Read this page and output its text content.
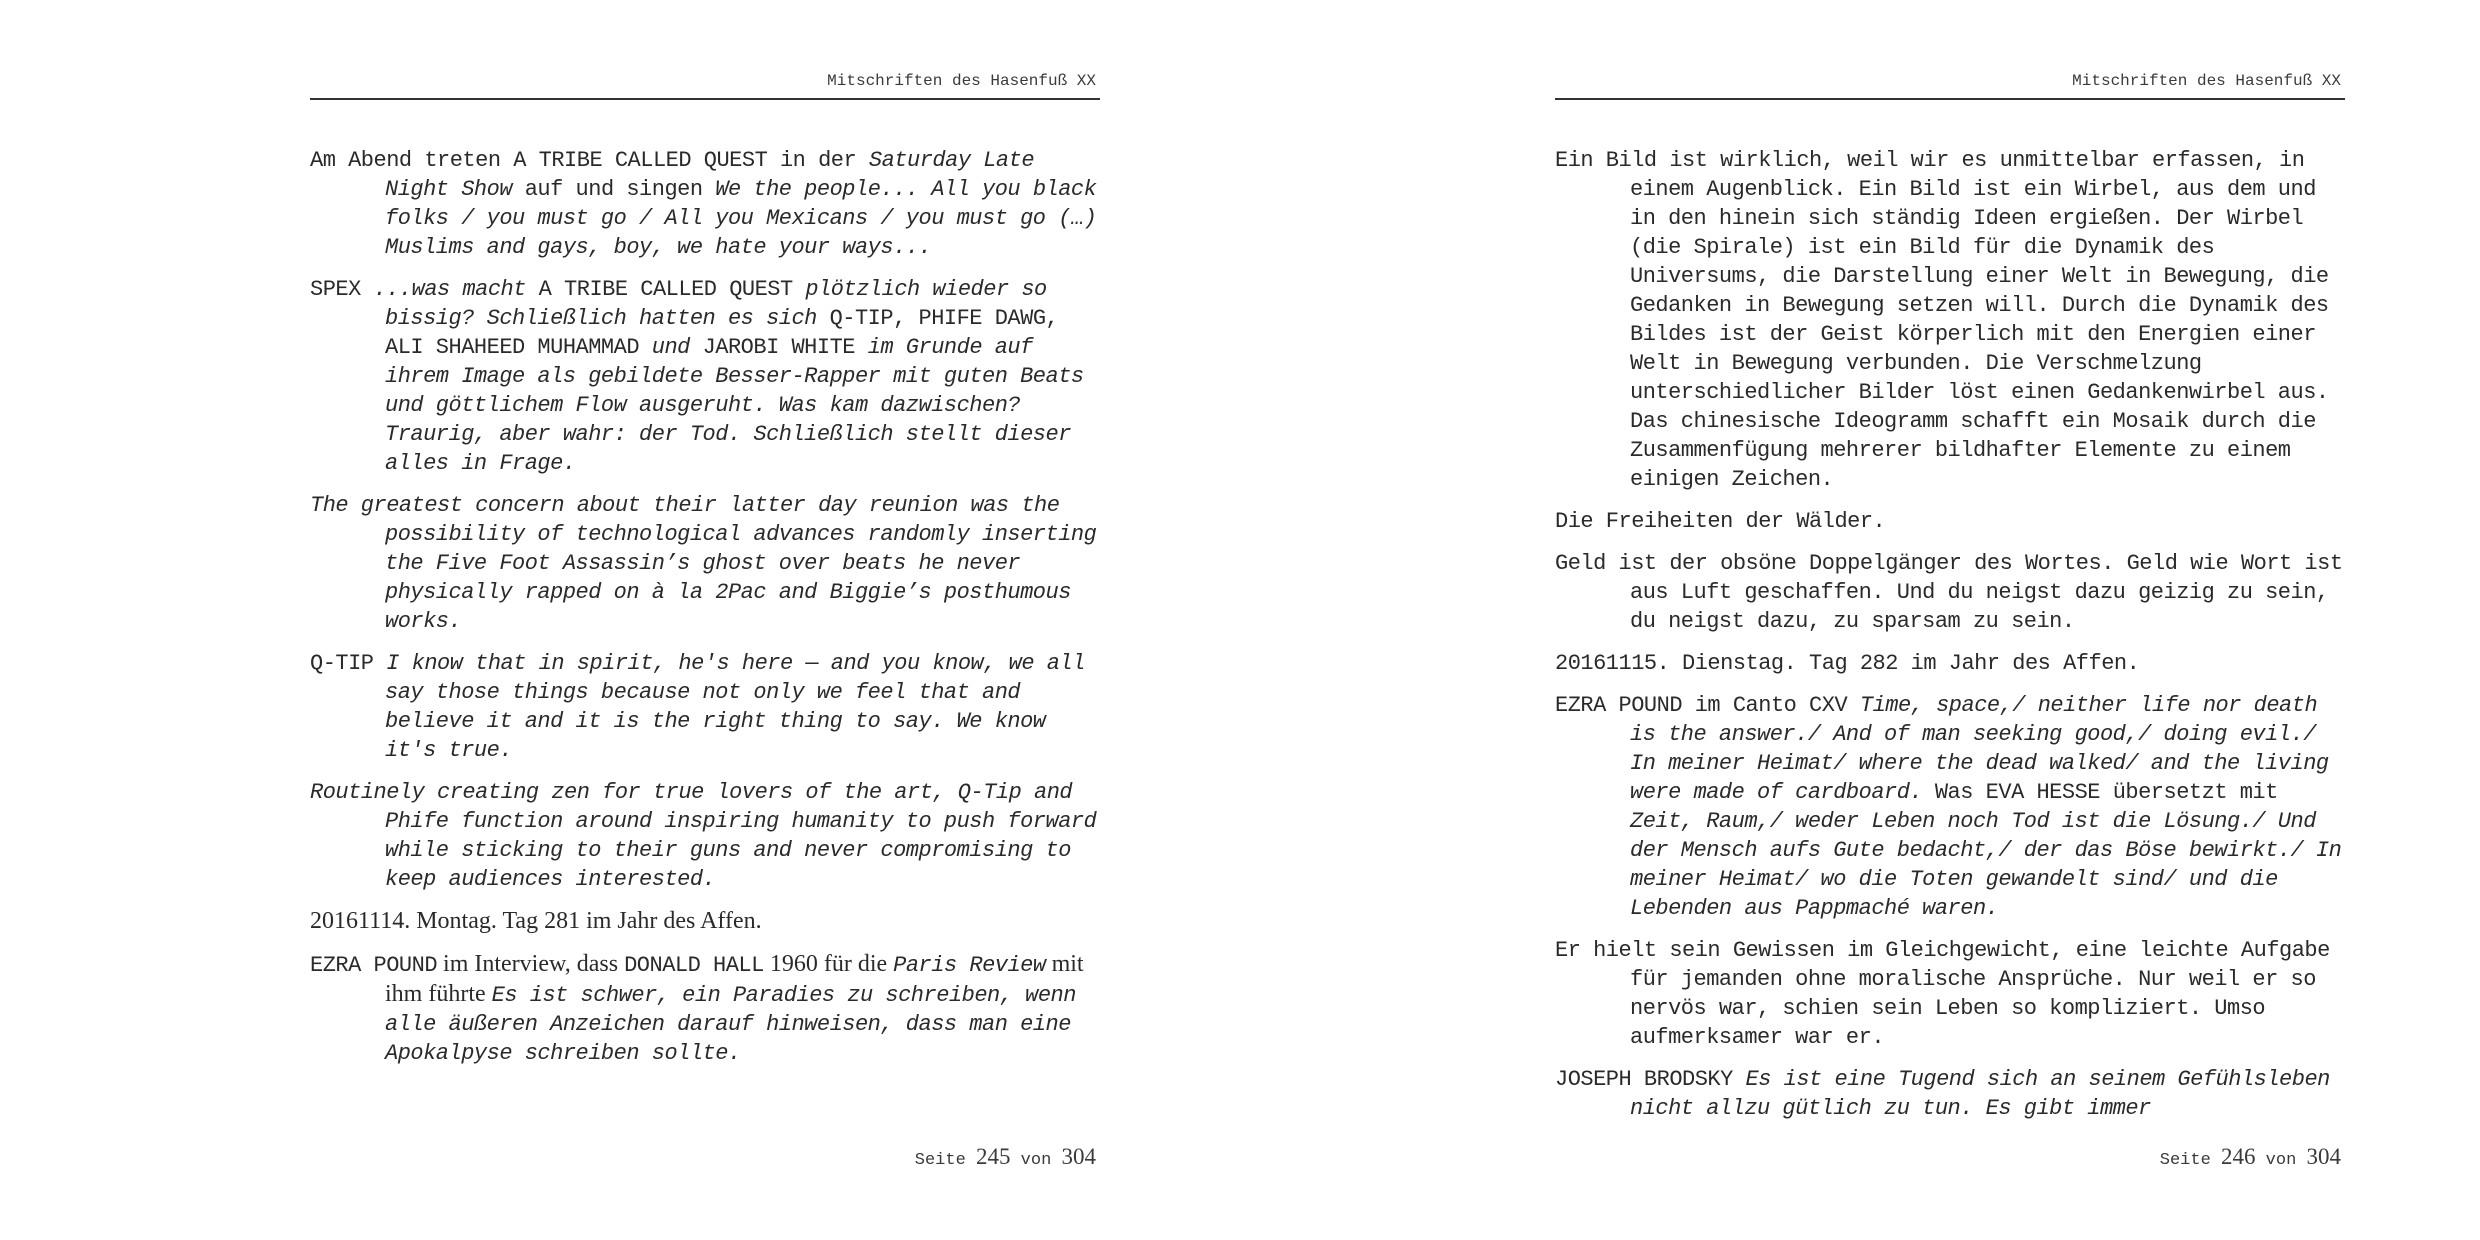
Mitschriften des Hasenfuß XX

Am Abend treten A TRIBE CALLED QUEST in der Saturday Late Night Show auf und singen We the people... All you black folks / you must go / All you Mexicans / you must go (…) Muslims and gays, boy, we hate your ways...

SPEX ...was macht A TRIBE CALLED QUEST plötzlich wieder so bissig? Schließlich hatten es sich Q-TIP, PHIFE DAWG, ALI SHAHEED MUHAMMAD und JAROBI WHITE im Grunde auf ihrem Image als gebildete Besser-Rapper mit guten Beats und göttlichem Flow ausgeruht. Was kam dazwischen? Traurig, aber wahr: der Tod. Schließlich stellt dieser alles in Frage.

The greatest concern about their latter day reunion was the possibility of technological advances randomly inserting the Five Foot Assassin’s ghost over beats he never physically rapped on à la 2Pac and Biggie’s posthumous works.

Q-TIP I know that in spirit, he's here — and you know, we all say those things because not only we feel that and believe it and it is the right thing to say. We know it's true.

Routinely creating zen for true lovers of the art, Q-Tip and Phife function around inspiring humanity to push forward while sticking to their guns and never compromising to keep audiences interested.

20161114. Montag. Tag 281 im Jahr des Affen.

EZRA POUND im Interview, dass DONALD HALL 1960 für die Paris Review mit ihm führte Es ist schwer, ein Paradies zu schreiben, wenn alle äußeren Anzeichen darauf hinweisen, dass man eine Apokalpyse schreiben sollte.

Seite 245 von 304
Mitschriften des Hasenfuß XX

Ein Bild ist wirklich, weil wir es unmittelbar erfassen, in einem Augenblick. Ein Bild ist ein Wirbel, aus dem und in den hinein sich ständig Ideen ergießen. Der Wirbel (die Spirale) ist ein Bild für die Dynamik des Universums, die Darstellung einer Welt in Bewegung, die Gedanken in Bewegung setzen will. Durch die Dynamik des Bildes ist der Geist körperlich mit den Energien einer Welt in Bewegung verbunden. Die Verschmelzung unterschiedlicher Bilder löst einen Gedankenwirbel aus. Das chinesische Ideogramm schafft ein Mosaik durch die Zusammenfügung mehrerer bildhafter Elemente zu einem einigen Zeichen.

Die Freiheiten der Wälder.

Geld ist der obsöne Doppelgänger des Wortes. Geld wie Wort ist aus Luft geschaffen. Und du neigst dazu geizig zu sein, du neigst dazu, zu sparsam zu sein.

20161115. Dienstag. Tag 282 im Jahr des Affen.

EZRA POUND im Canto CXV Time, space,/ neither life nor death is the answer./ And of man seeking good,/ doing evil./ In meiner Heimat/ where the dead walked/ and the living were made of cardboard. Was EVA HESSE übersetzt mit Zeit, Raum,/ weder Leben noch Tod ist die Lösung./ Und der Mensch aufs Gute bedacht,/ der das Böse bewirkt./ In meiner Heimat/ wo die Toten gewandelt sind/ und die Lebenden aus Pappmaché waren.

Er hielt sein Gewissen im Gleichgewicht, eine leichte Aufgabe für jemanden ohne moralische Ansprüche. Nur weil er so nervös war, schien sein Leben so kompliziert. Umso aufmerksamer war er.

JOSEPH BRODSKY Es ist eine Tugend sich an seinem Gefühlsleben nicht allzu gütlich zu tun. Es gibt immer

Seite 246 von 304
